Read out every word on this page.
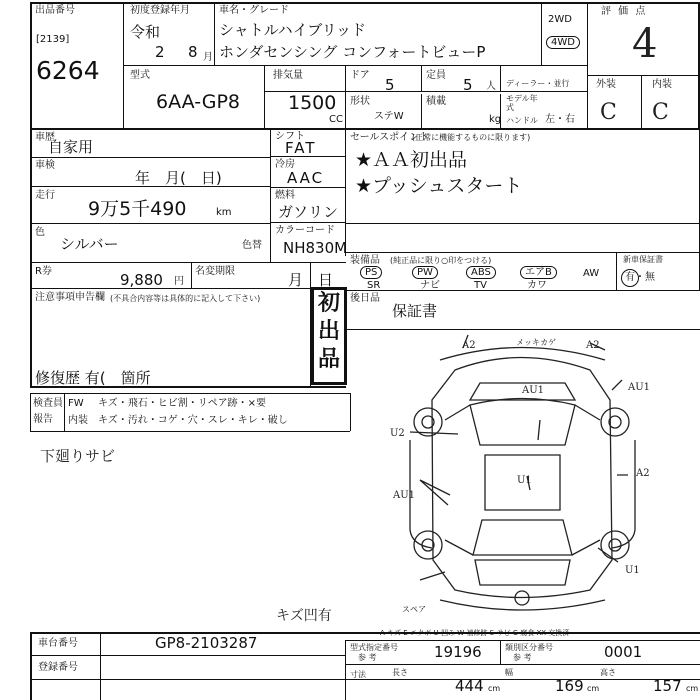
出品番号
[2139]
6264
初度登録年月
令和
2 8 月
車名・グレード
シャトルハイブリッド
ホンダセンシング コンフォートビューP
2WD
4WD
評 価 点
4
外装	内装
C C
型式
6AA-GP8
排気量
1500
CC
ドア
5
定員
5 人 ディーラー・並行
形状
ステW
積載
kg
モデル年式
ハンドル 左・右
車歴
自家用
車検
年　月(　日)
走行
9万5千490	km
色
シルバー	色替
R券	9,880 円
名変期限	月　日
注意事項申告欄 (不具合内容等は具体的に記入して下さい)
修復歴 有(　箇所
シフト
FAT
冷房
AAC
燃料
ガソリン
カラーコード
NH830M
セールスポイント
(正常に機能するものに限ります)
★ＡＡ初出品
★プッシュスタート
装備品 (純正品に限り○印をつける)
PS	PW	ABS	エアB	AW
SR	ナビ	TV	カワ
新車保証書
有・無
後日品
保証書
初
出
品
検査員
報告
FW キズ・飛石・ヒビ割・リペア跡・×要
内装 キズ・汚れ・コゲ・穴・スレ・キレ・破し
下廻りサビ
A2	メッキカゲ	A2
AU1	AU1
U2
U1
A2
AU1
U1
スペア
キズ凹有
A-キズ E-エクボ U-凹み W-補修跡 S-サビ C-腐食 XX-交換済
車台番号	GP8-2103287
登録番号
型式指定番号
参 考	19196	類別区分番号
参 考	0001
寸法	長さ
444 cm
幅
169 cm
高さ
157 cm
